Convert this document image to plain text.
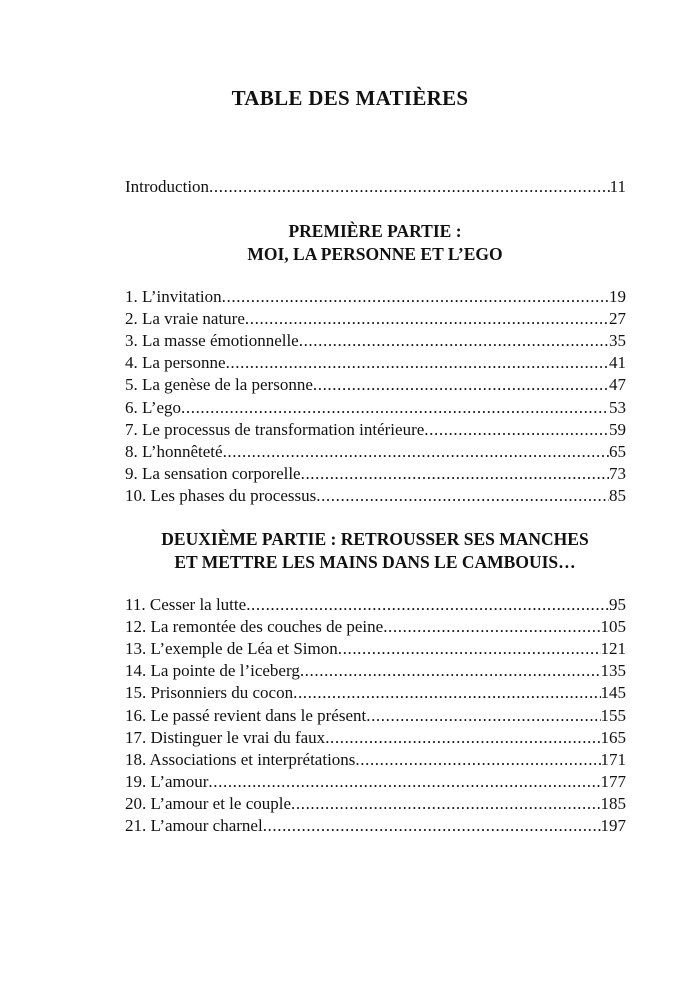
TABLE DES MATIÈRES
Introduction .....	11
PREMIÈRE PARTIE :
MOI, LA PERSONNE ET L’EGO
1. L’invitation .....	19
2. La vraie nature .....	27
3. La masse émotionnelle .....	35
4. La personne .....	41
5. La genèse de la personne .....	47
6. L’ego .....	53
7. Le processus de transformation intérieure .....	59
8. L’honnêteté .....	65
9. La sensation corporelle .....	73
10. Les phases du processus .....	85
DEUXIÈME PARTIE : RETROUSSER SES MANCHES
ET METTRE LES MAINS DANS LE CAMBOUIS…
11. Cesser la lutte .....	95
12. La remontée des couches de peine .....	105
13. L’exemple de Léa et Simon .....	121
14. La pointe de l’iceberg .....	135
15. Prisonniers du cocon .....	145
16. Le passé revient dans le présent .....	155
17. Distinguer le vrai du faux .....	165
18. Associations et interprétations .....	171
19. L’amour .....	177
20. L’amour et le couple .....	185
21. L’amour charnel .....	197
